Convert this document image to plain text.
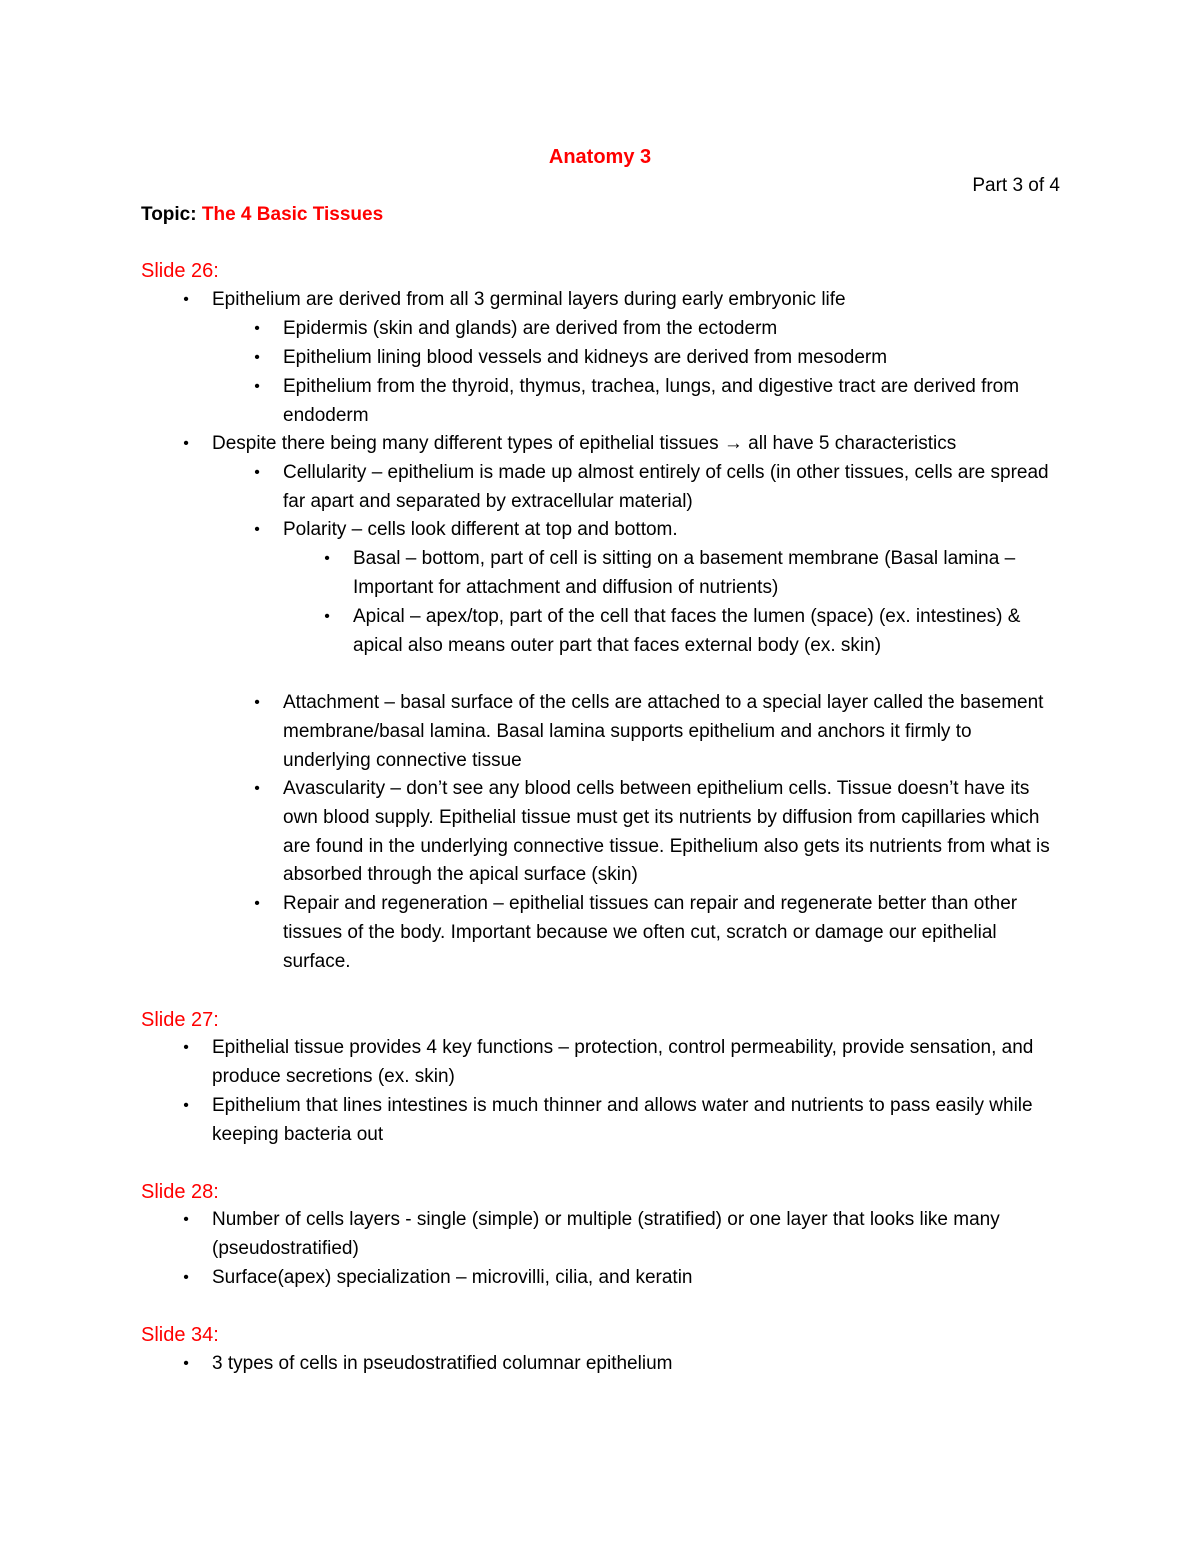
Anatomy 3
Part 3 of 4
Topic: The 4 Basic Tissues
Slide 26:
•	Epithelium are derived from all 3 germinal layers during early embryonic life
•	Epidermis (skin and glands) are derived from the ectoderm
•	Epithelium lining blood vessels and kidneys are derived from mesoderm
•	Epithelium from the thyroid, thymus, trachea, lungs, and digestive tract are derived from endoderm
•	Despite there being many different types of epithelial tissues → all have 5 characteristics
•	Cellularity – epithelium is made up almost entirely of cells (in other tissues, cells are spread far apart and separated by extracellular material)
•	Polarity – cells look different at top and bottom.
•	Basal – bottom, part of cell is sitting on a basement membrane (Basal lamina – Important for attachment and diffusion of nutrients)
•	Apical – apex/top, part of the cell that faces the lumen (space) (ex. intestines) & apical also means outer part that faces external body (ex. skin)
•	Attachment – basal surface of the cells are attached to a special layer called the basement membrane/basal lamina. Basal lamina supports epithelium and anchors it firmly to underlying connective tissue
•	Avascularity – don’t see any blood cells between epithelium cells. Tissue doesn’t have its own blood supply. Epithelial tissue must get its nutrients by diffusion from capillaries which are found in the underlying connective tissue. Epithelium also gets its nutrients from what is absorbed through the apical surface (skin)
•	Repair and regeneration – epithelial tissues can repair and regenerate better than other tissues of the body. Important because we often cut, scratch or damage our epithelial surface.
Slide 27:
•	Epithelial tissue provides 4 key functions – protection, control permeability, provide sensation, and produce secretions (ex. skin)
•	Epithelium that lines intestines is much thinner and allows water and nutrients to pass easily while keeping bacteria out
Slide 28:
•	Number of cells layers - single (simple) or multiple (stratified) or one layer that looks like many (pseudostratified)
•	Surface(apex) specialization – microvilli, cilia, and keratin
Slide 34:
•	3 types of cells in pseudostratified columnar epithelium
